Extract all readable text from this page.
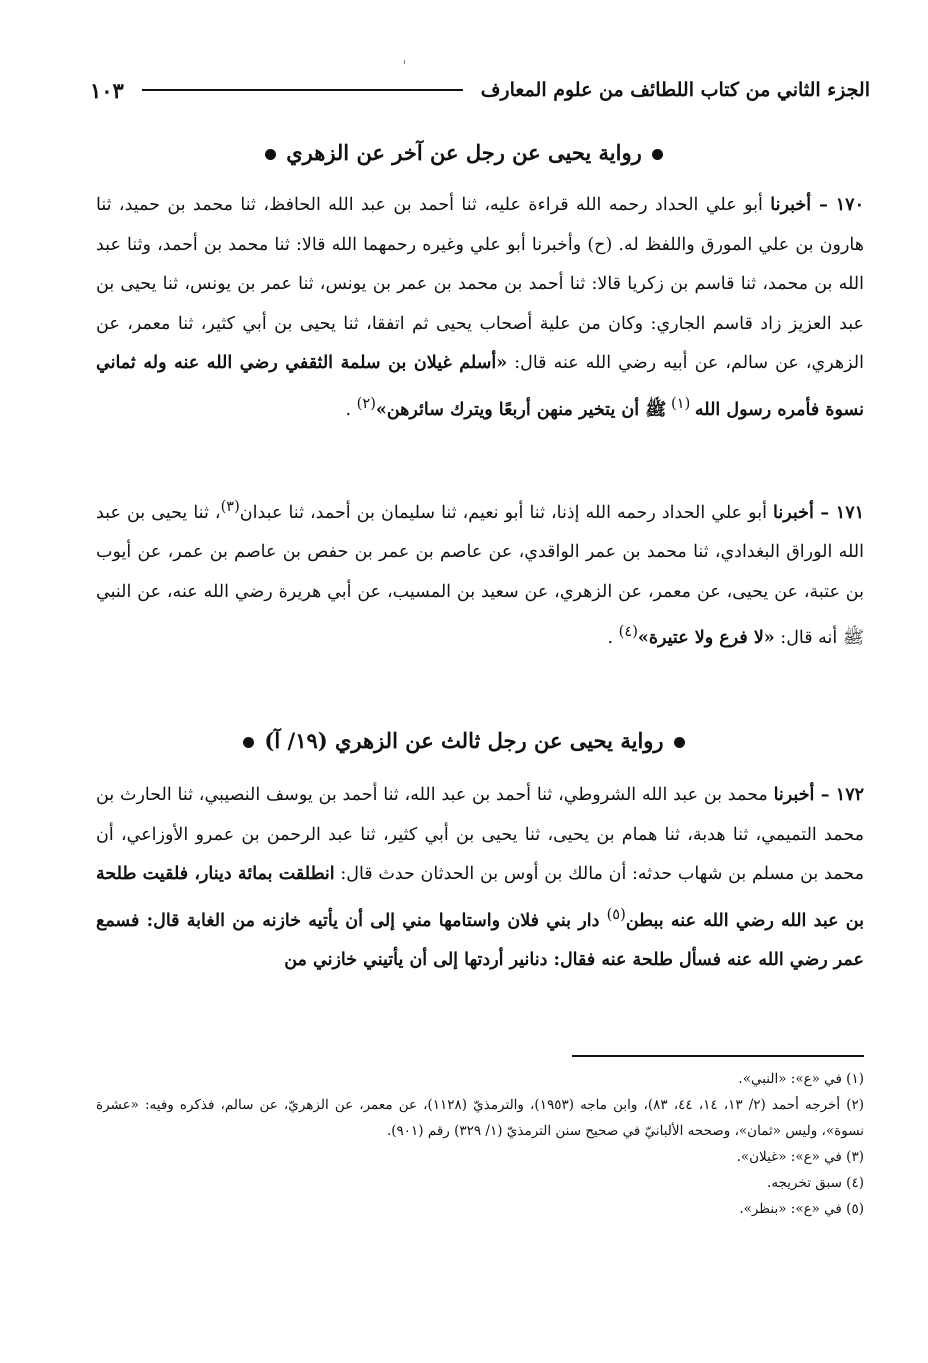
الجزء الثاني من كتاب اللطائف من علوم المعارف
١٠٣
رواية يحيى عن رجل عن آخر عن الزهري
١٧٠ – أخبرنا أبو علي الحداد رحمه الله قراءة عليه، ثنا أحمد بن عبد الله الحافظ، ثنا محمد بن حميد، ثنا هارون بن علي المورق واللفظ له. (ح) وأخبرنا أبو علي وغيره رحمهما الله قالا: ثنا محمد بن أحمد، وثنا عبد الله بن محمد، ثنا قاسم بن زكريا قالا: ثنا أحمد بن محمد بن عمر بن يونس، ثنا عمر بن يونس، ثنا يحيى بن عبد العزيز زاد قاسم الجاري: وكان من علية أصحاب يحيى ثم اتفقا، ثنا يحيى بن أبي كثير، ثنا معمر، عن الزهري، عن سالم، عن أبيه رضي الله عنه قال: «أسلم غيلان بن سلمة الثقفي رضي الله عنه وله ثماني نسوة فأمره رسول الله $^{(١)}$ ﷺ أن يتخير منهن أربعًا ويترك سائرهن»$^{(٢)}$ .
١٧١ – أخبرنا أبو علي الحداد رحمه الله إذنا، ثنا أبو نعيم، ثنا سليمان بن أحمد، ثنا عبدان$^{(٣)}$، ثنا يحيى بن عبد الله الوراق البغدادي، ثنا محمد بن عمر الواقدي، عن عاصم بن عمر بن حفص بن عاصم بن عمر، عن أيوب بن عتبة، عن يحيى، عن معمر، عن الزهري، عن سعيد بن المسيب، عن أبي هريرة رضي الله عنه، عن النبي ﷺ أنه قال: «لا فرع ولا عتيرة»$^{(٤)}$ .
رواية يحيى عن رجل ثالث عن الزهري (١٩/ آ)
١٧٢ – أخبرنا محمد بن عبد الله الشروطي، ثنا أحمد بن عبد الله، ثنا أحمد بن يوسف النصيبي، ثنا الحارث بن محمد التميمي، ثنا هدبة، ثنا همام بن يحيى، ثنا يحيى بن أبي كثير، ثنا عبد الرحمن بن عمرو الأوزاعي، أن محمد بن مسلم بن شهاب حدثه: أن مالك بن أوس بن الحدثان حدث قال: انطلقت بمائة دينار، فلقيت طلحة بن عبد الله رضي الله عنه ببطن$^{(٥)}$ دار بني فلان واستامها مني إلى أن يأتيه خازنه من الغابة قال: فسمع عمر رضي الله عنه فسأل طلحة عنه فقال: دنانير أردتها إلى أن يأتيني خازني من

(١) في «ع»: «النبي».

(٢) أخرجه أحمد (٢/ ١٣، ١٤، ٤٤، ٨٣)، وابن ماجه (١٩٥٣)، والترمذيّ (١١٢٨)، عن معمر، عن الزهريّ، عن سالم، فذكره وفيه: «عشرة نسوة»، وليس «ثمان»، وصححه الألبانيّ في صحيح سنن الترمذيّ (١/ ٣٢٩) رقم (٩٠١).

(٣) في «ع»: «غيلان».

(٤) سبق تخريجه.

(٥) في «ع»: «بنظر».
